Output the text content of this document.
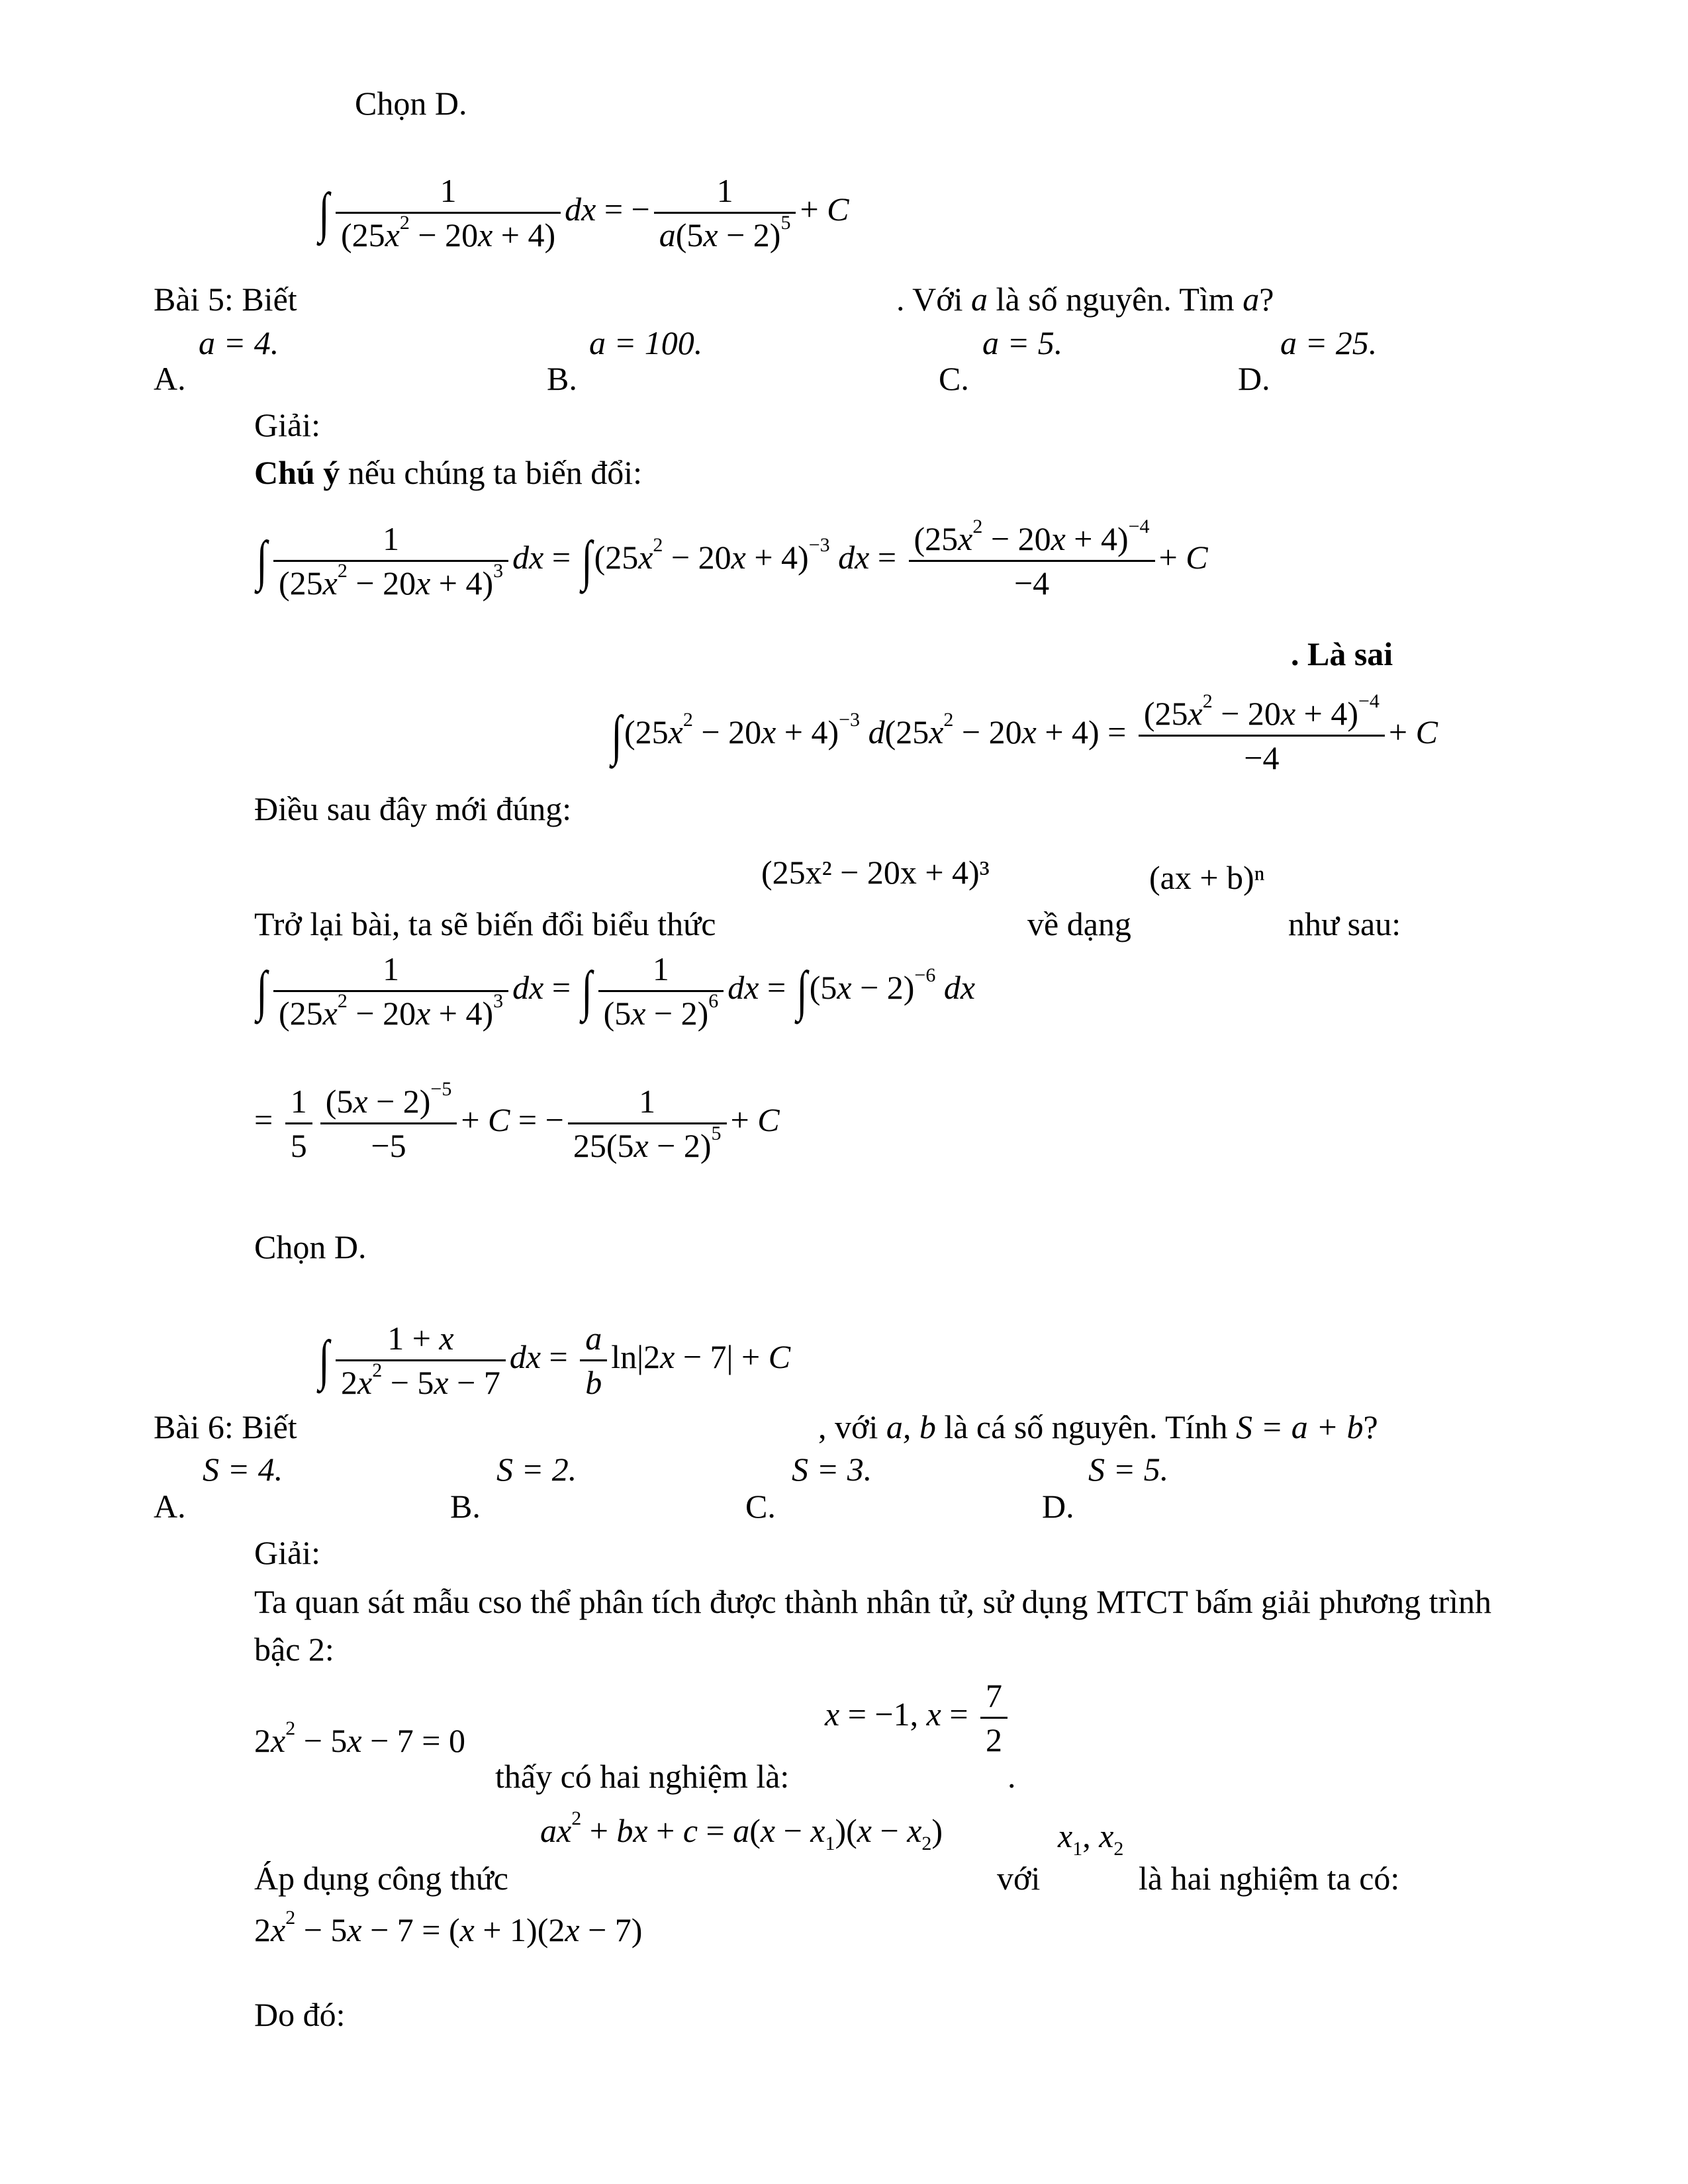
Chọn D.
∫ $\frac{1}{(25x^2 - 20x + 4)}$ dx = − $\frac{1}{a(5x - 2)^5} + C$
Bài 5: Biết	. Với a là số nguyên. Tìm a?
a = 4.
A.
a = 100.
B.
a = 5.
C.
a = 25.
D.
Giải:
Chú ý nếu chúng ta biến đổi:
∫ $\frac{1}{(25x^2 - 20x + 4)^3}$ dx = $\int(25x^2 - 20x + 4)^{-3}$ dx = $\frac{(25x^2 - 20x + 4)^{-4}}{-4} + C$
. Là sai
$\int(25x^2 - 20x + 4)^{-3}$ $d(25x^2 - 20x + 4) = \frac{(25x^2 - 20x + 4)^{-4}}{-4} + C$
Điều sau đây mới đúng:
(25x² − 20x + 4)³	(ax + b)ⁿ
Trở lại bài, ta sẽ biến đổi biểu thức	về dạng	như sau:
∫ $\frac{1}{(25x^2 - 20x + 4)^3}$ dx = ∫ $\frac{1}{(5x - 2)^6}$ dx = $\int(5x - 2)^{-6}$ dx
= $\frac{1}{5} \frac{(5x - 2)^{-5}}{-5} + C$ = − $\frac{1}{25(5x - 2)^5} + C$
Chọn D.
∫ $\frac{1 + x}{2x^2 - 5x - 7}$ dx = $\frac{a}{b} \ln|2x - 7| + C$
Bài 6: Biết	, với a, b là cá số nguyên. Tính S = a + b?
S = 4.
A.
S = 2.
B.
S = 3.
C.
S = 5.
D.
Giải:
Ta quan sát mẫu cso thể phân tích được thành nhân tử, sử dụng MTCT bấm giải phương trình
bậc 2:
x = −1, $x = \frac{7}{2}$
$2x^2 - 5x - 7 = 0$
thấy có hai nghiệm là:	.
$ax^2$ + bx + $c = a(x - x_1)(x - x_2)$	$x_1$, $x_2$
Áp dụng công thức	với	là hai nghiệm ta có:
$2x^2 - 5x - 7 = (x + 1)(2x - 7)$
Do đó:
